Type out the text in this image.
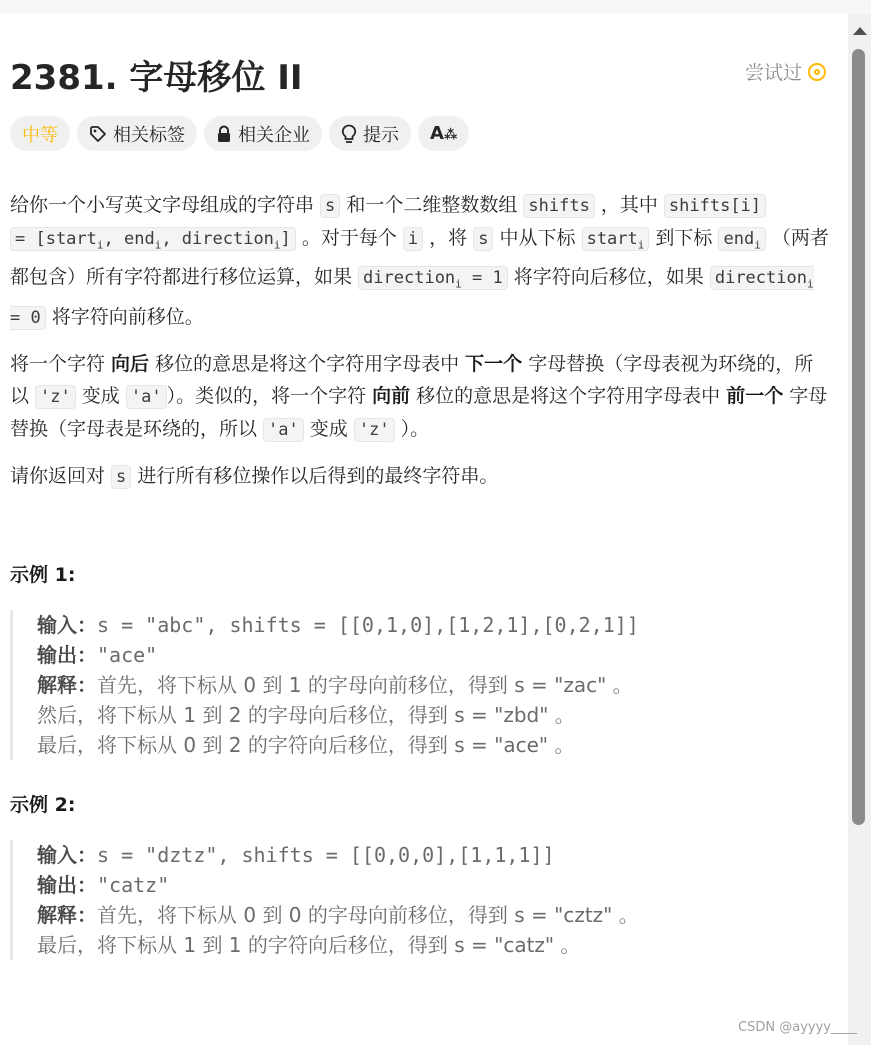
2381. 字母移位 II	尝试过
中等	相关标签	相关企业	提示 A⁂

给你一个小写英文字母组成的字符串 s 和一个二维整数数组 shifts ，其中 shifts[i]
= [start$_i$, end$_i$, direction$_i$] 。对于每个 i ，将 s 中从下标 start$_i$ 到下标 end$_i$ （两者都包含）所有字符都进行移位运算，如果 direction$_i$ = 1 将字符向后移位，如果 direction$_i$ = 0 将字符向前移位。

将一个字符 向后 移位的意思是将这个字符用字母表中 下一个 字母替换（字母表视为环绕的，所以 'z' 变成 'a' ）。类似的，将一个字符 向前 移位的意思是将这个字符用字母表中 前一个 字母替换（字母表是环绕的，所以 'a' 变成 'z' ）。

请你返回对 s 进行所有移位操作以后得到的最终字符串。

示例 1:
输入：s = "abc", shifts = [[0,1,0],[1,2,1],[0,2,1]]
输出："ace"
解释：首先，将下标从 0 到 1 的字母向前移位，得到 s = "zac" 。
然后，将下标从 1 到 2 的字母向后移位，得到 s = "zbd" 。
最后，将下标从 0 到 2 的字符向后移位，得到 s = "ace" 。
示例 2:
输入：s = "dztz", shifts = [[0,0,0],[1,1,1]]
输出："catz"
解释：首先，将下标从 0 到 0 的字母向前移位，得到 s = "cztz" 。
最后，将下标从 1 到 1 的字符向后移位，得到 s = "catz" 。
CSDN @ayyyy____
